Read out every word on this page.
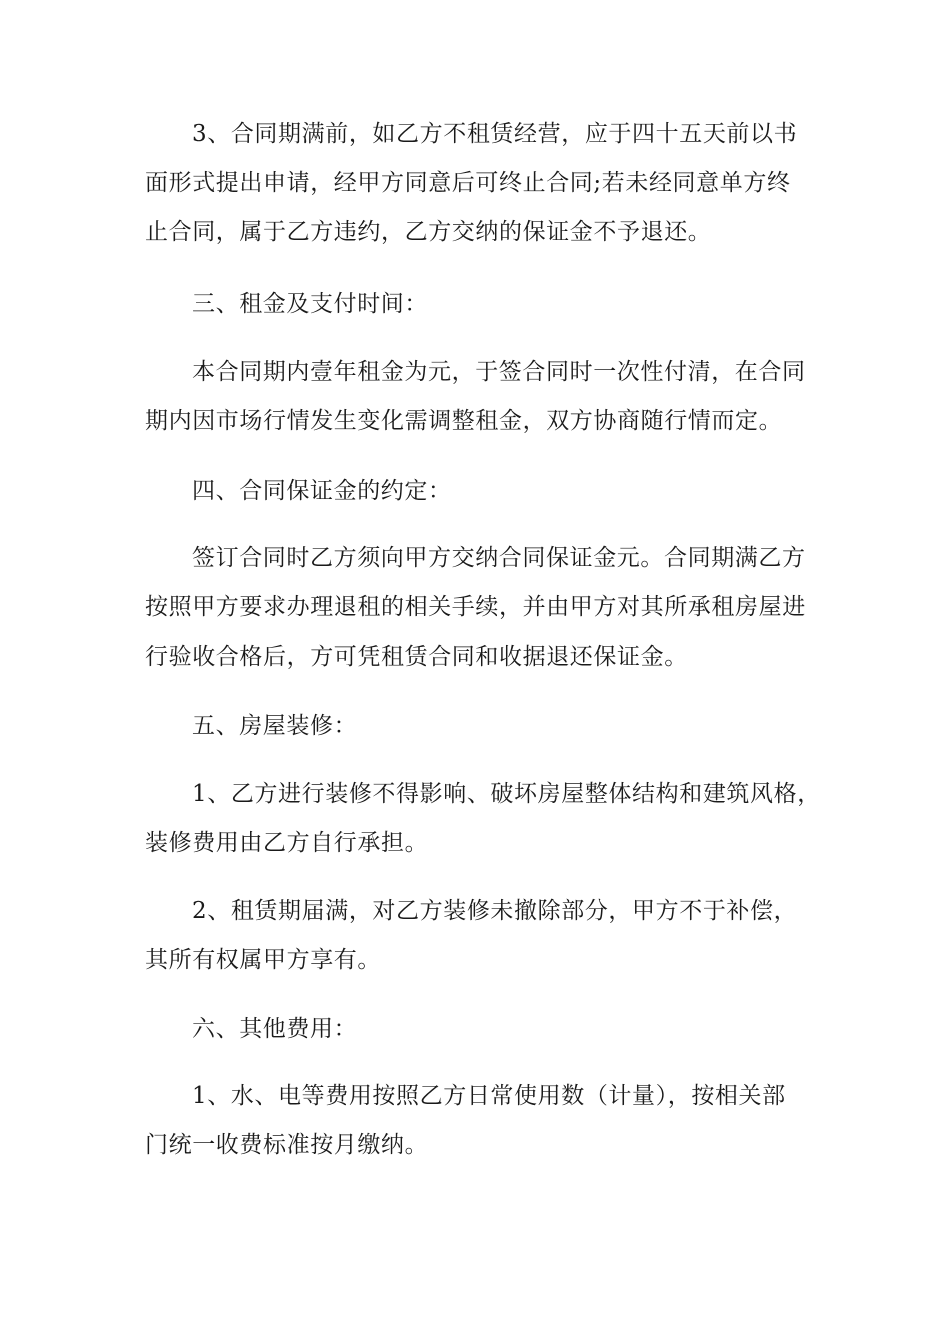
3、合同期满前，如乙方不租赁经营，应于四十五天前以书

面形式提出申请，经甲方同意后可终止合同;若未经同意单方终

止合同，属于乙方违约，乙方交纳的保证金不予退还。

三、租金及支付时间：

本合同期内壹年租金为元，于签合同时一次性付清，在合同

期内因市场行情发生变化需调整租金，双方协商随行情而定。

四、合同保证金的约定：

签订合同时乙方须向甲方交纳合同保证金元。合同期满乙方

按照甲方要求办理退租的相关手续，并由甲方对其所承租房屋进

行验收合格后，方可凭租赁合同和收据退还保证金。

五、房屋装修：

1、乙方进行装修不得影响、破坏房屋整体结构和建筑风格，

装修费用由乙方自行承担。

2、租赁期届满，对乙方装修未撤除部分，甲方不于补偿，

其所有权属甲方享有。

六、其他费用：

1、水、电等费用按照乙方日常使用数（计量），按相关部

门统一收费标准按月缴纳。
